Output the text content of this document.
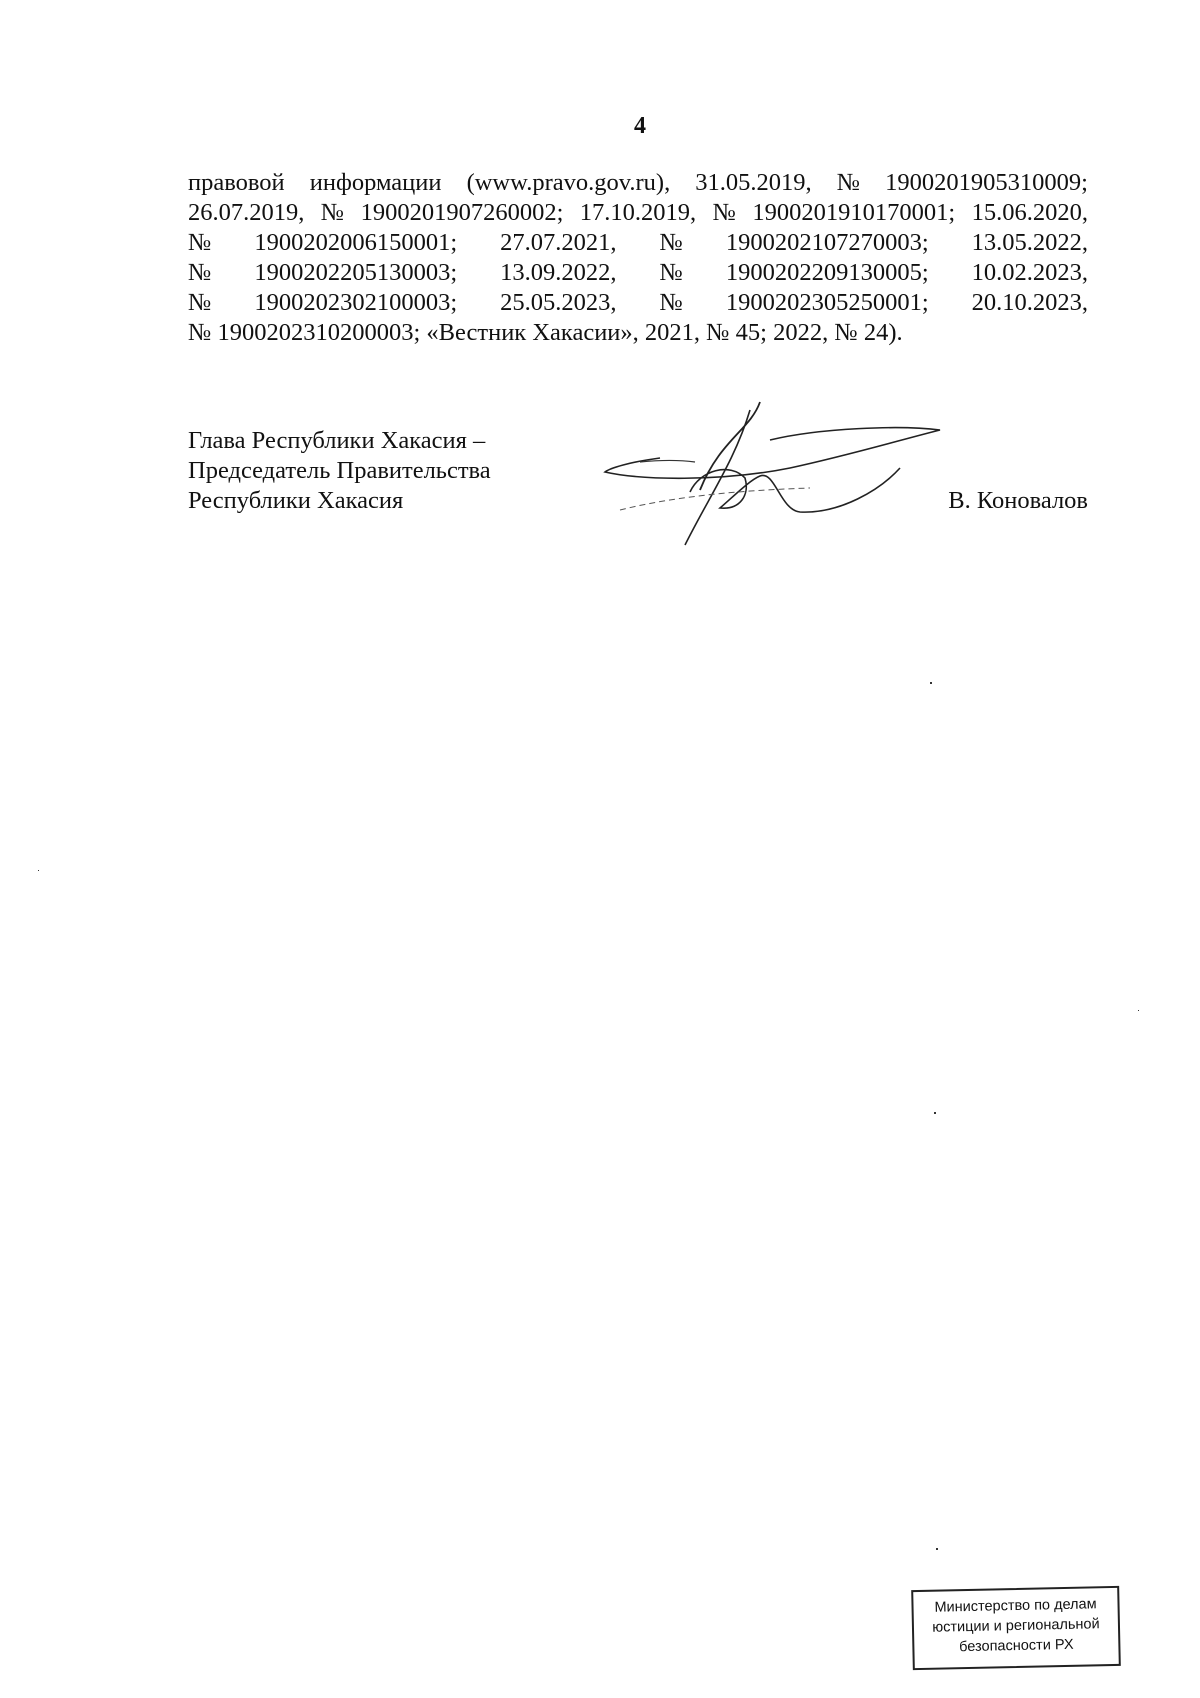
4
правовой информации (www.pravo.gov.ru), 31.05.2019, № 1900201905310009;
26.07.2019, № 1900201907260002; 17.10.2019, № 1900201910170001; 15.06.2020,
№ 1900202006150001; 27.07.2021, № 1900202107270003; 13.05.2022,
№ 1900202205130003; 13.09.2022, № 1900202209130005; 10.02.2023,
№ 1900202302100003; 25.05.2023, № 1900202305250001; 20.10.2023,
№ 1900202310200003; «Вестник Хакасии», 2021, № 45; 2022, № 24).
Глава Республики Хакасия –
Председатель Правительства
Республики Хакасия	В. Коновалов
Министерство по делам
юстиции и региональной
безопасности РХ
